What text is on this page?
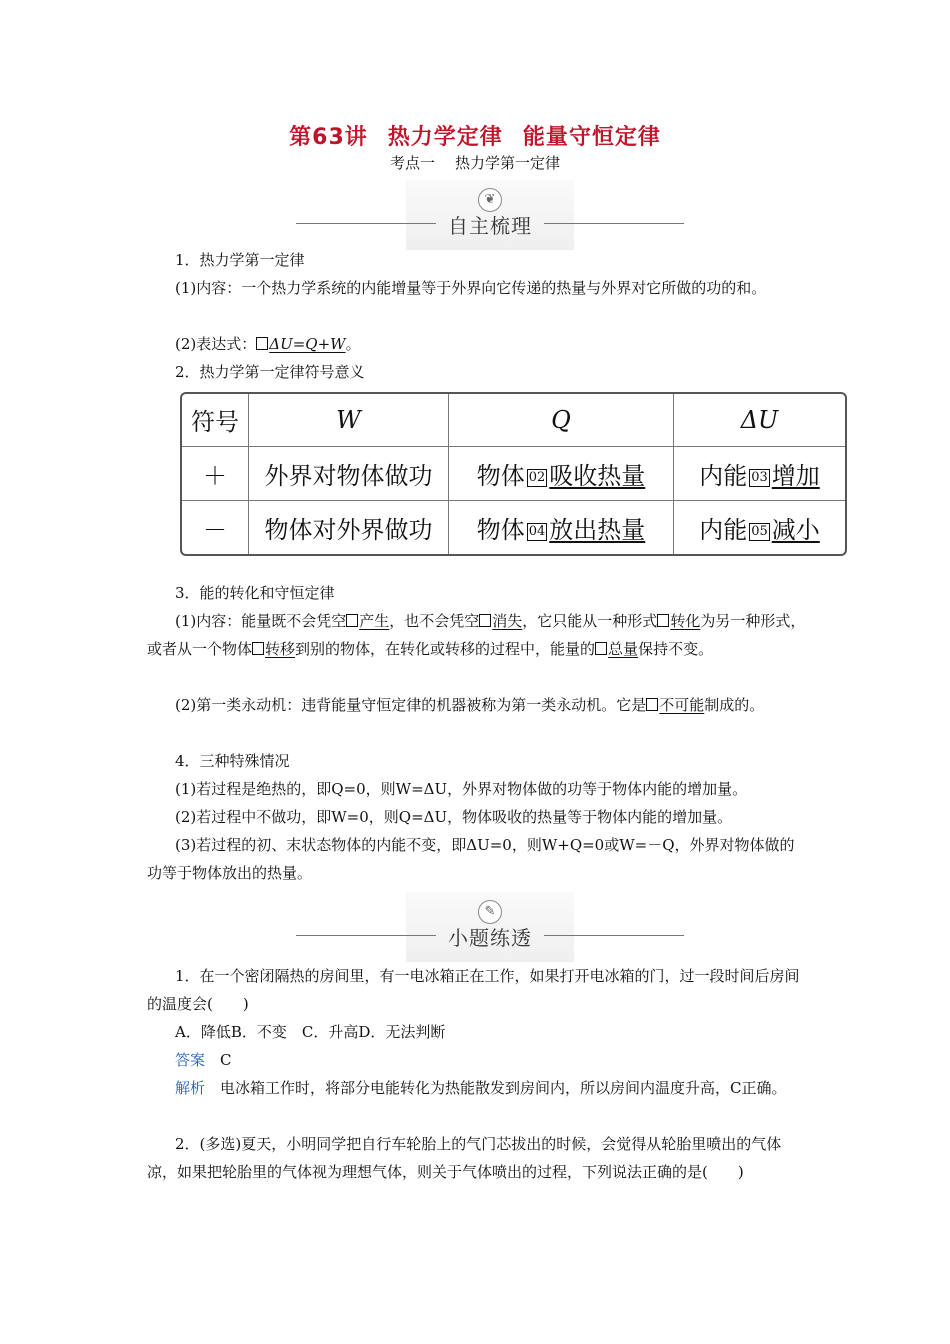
第63讲 热力学定律 能量守恒定律
考点一 热力学第一定律
❦
自主梳理
1．热力学第一定律
(1)内容：一个热力学系统的内能增量等于外界向它传递的热量与外界对它所做的功的和。
(2)表达式： ΔU=Q+W。
2．热力学第一定律符号意义
符号	W	Q	ΔU
＋	外界对物体做功	物体 02 吸收热量	内能 03 增加
－	物体对外界做功	物体 04 放出热量	内能 05 减小
3．能的转化和守恒定律
(1)内容：能量既不会凭空 产生，也不会凭空 消失，它只能从一种形式 转化为另一种形式，或者从一个物体 转移到别的物体，在转化或转移的过程中，能量的 总量保持不变。
(2)第一类永动机：违背能量守恒定律的机器被称为第一类永动机。它是 不可能制成的。
4．三种特殊情况
(1)若过程是绝热的，即Q=0，则W=ΔU，外界对物体做的功等于物体内能的增加量。
(2)若过程中不做功，即W=0，则Q=ΔU，物体吸收的热量等于物体内能的增加量。
(3)若过程的初、末状态物体的内能不变，即ΔU=0，则W+Q=0或W=－Q，外界对物体做的功等于物体放出的热量。
✎
小题练透
1．在一个密闭隔热的房间里，有一电冰箱正在工作，如果打开电冰箱的门，过一段时间后房间的温度会(　　)
A．降低B．不变　C．升高D．无法判断
答案　 C
解析　 电冰箱工作时，将部分电能转化为热能散发到房间内，所以房间内温度升高，C正确。
2．(多选)夏天，小明同学把自行车轮胎上的气门芯拔出的时候，会觉得从轮胎里喷出的气体凉，如果把轮胎里的气体视为理想气体，则关于气体喷出的过程，下列说法正确的是(　　)
